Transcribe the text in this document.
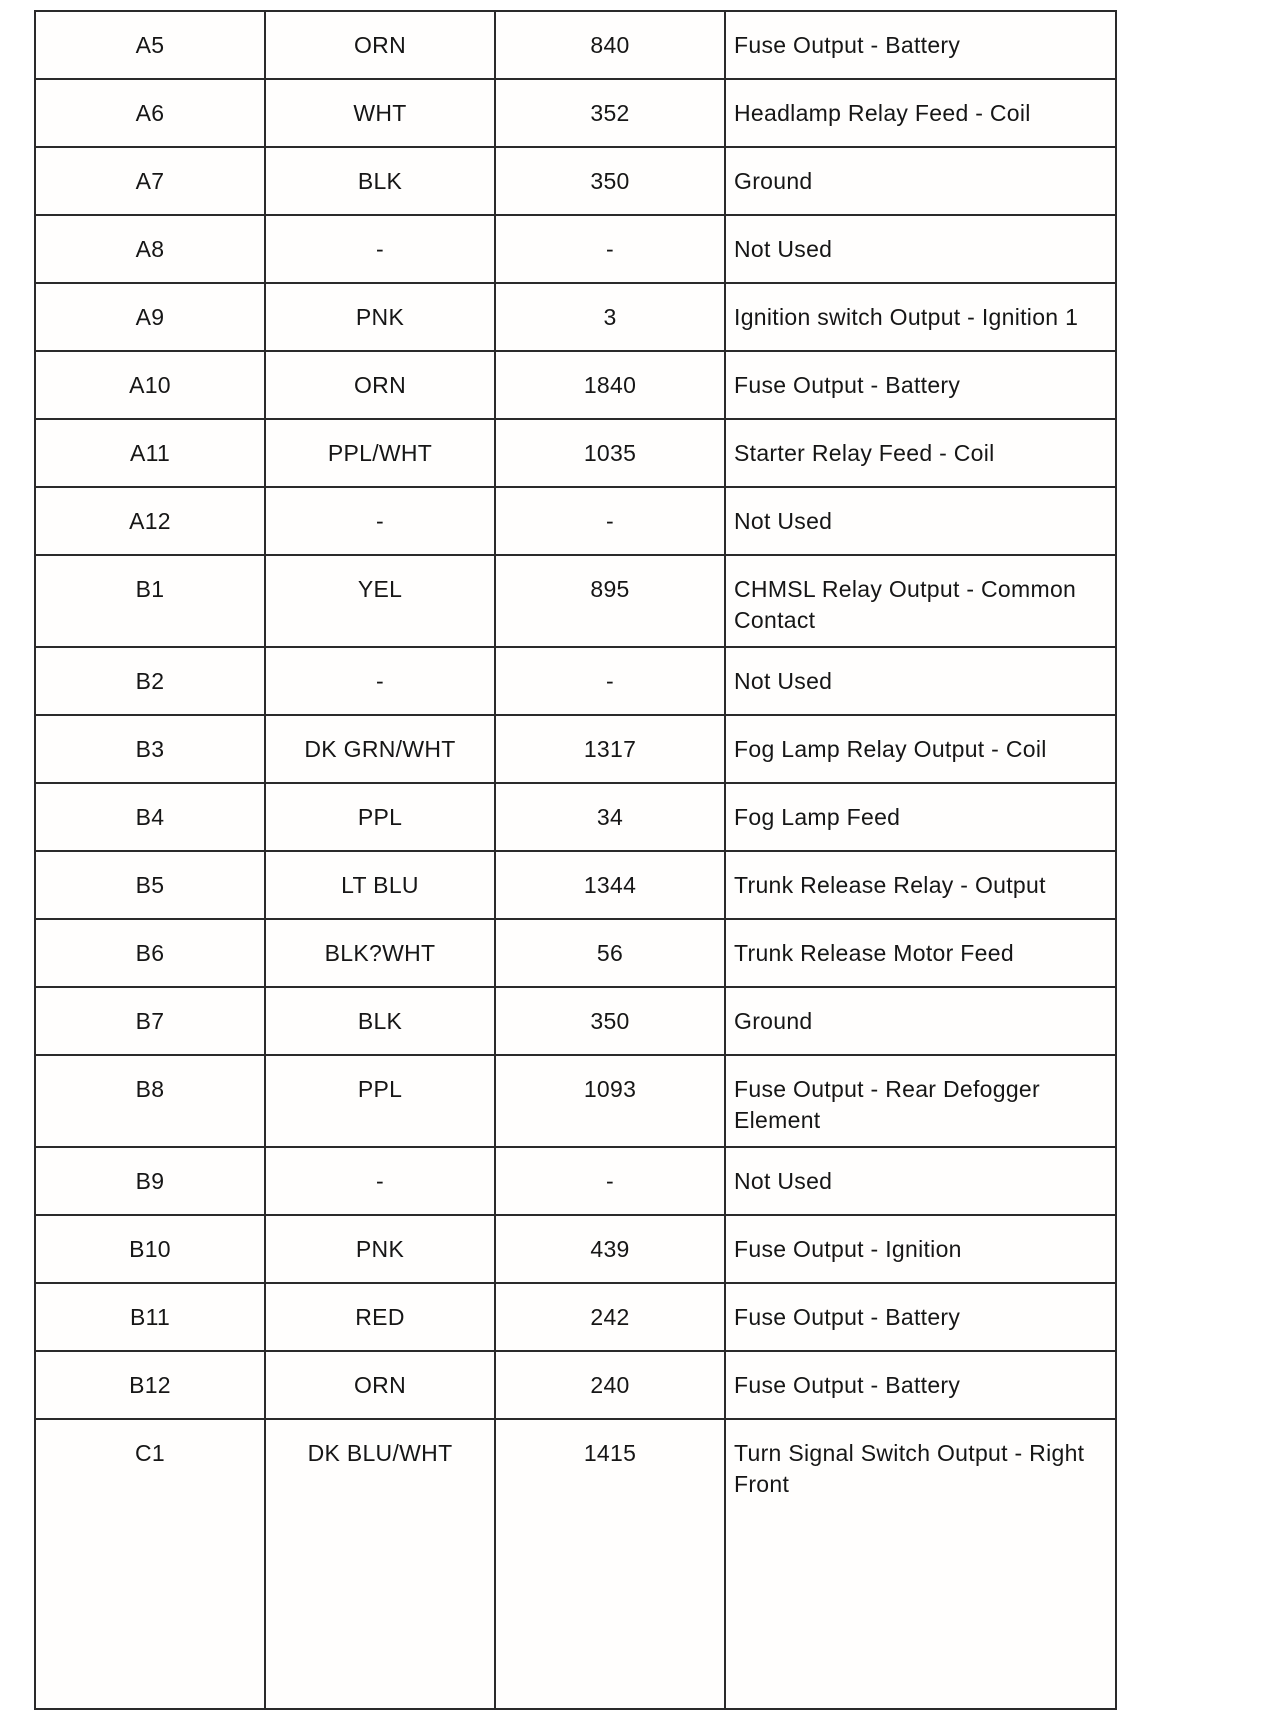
A5	ORN	840	Fuse Output - Battery
A6	WHT	352	Headlamp Relay Feed - Coil
A7	BLK	350	Ground
A8	-	-	Not Used
A9	PNK	3	Ignition switch Output - Ignition 1
A10	ORN	1840	Fuse Output - Battery
A11	PPL/WHT	1035	Starter Relay Feed - Coil
A12	-	-	Not Used
B1	YEL	895	CHMSL Relay Output - Common Contact
B2	-	-	Not Used
B3	DK GRN/WHT	1317	Fog Lamp Relay Output - Coil
B4	PPL	34	Fog Lamp Feed
B5	LT BLU	1344	Trunk Release Relay - Output
B6	BLK?WHT	56	Trunk Release Motor Feed
B7	BLK	350	Ground
B8	PPL	1093	Fuse Output - Rear Defogger Element
B9	-	-	Not Used
B10	PNK	439	Fuse Output - Ignition
B11	RED	242	Fuse Output - Battery
B12	ORN	240	Fuse Output - Battery
C1	DK BLU/WHT	1415	Turn Signal Switch Output - Right Front
